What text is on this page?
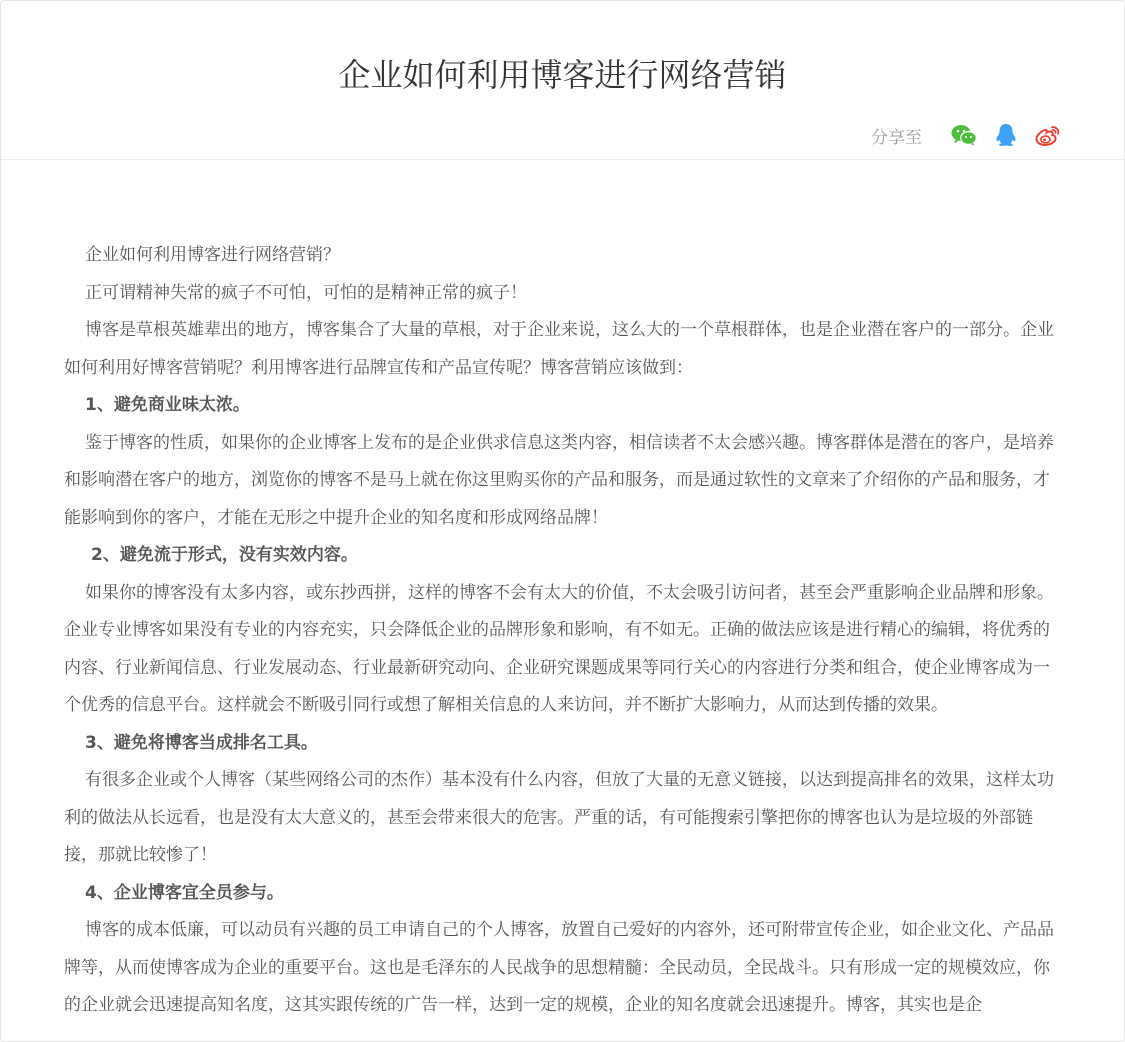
企业如何利用博客进行网络营销
分享至

企业如何利用博客进行网络营销？

正可谓精神失常的疯子不可怕，可怕的是精神正常的疯子！

博客是草根英雄辈出的地方，博客集合了大量的草根，对于企业来说，这么大的一个草根群体，也是企业潜在客户的一部分。企业如何利用好博客营销呢？利用博客进行品牌宣传和产品宣传呢？博客营销应该做到：

1、避免商业味太浓。

鉴于博客的性质，如果你的企业博客上发布的是企业供求信息这类内容，相信读者不太会感兴趣。博客群体是潜在的客户，是培养和影响潜在客户的地方，浏览你的博客不是马上就在你这里购买你的产品和服务，而是通过软性的文章来了介绍你的产品和服务，才能影响到你的客户，才能在无形之中提升企业的知名度和形成网络品牌！

2、避免流于形式，没有实效内容。

如果你的博客没有太多内容，或东抄西拼，这样的博客不会有太大的价值，不太会吸引访问者，甚至会严重影响企业品牌和形象。企业专业博客如果没有专业的内容充实，只会降低企业的品牌形象和影响，有不如无。正确的做法应该是进行精心的编辑，将优秀的内容、行业新闻信息、行业发展动态、行业最新研究动向、企业研究课题成果等同行关心的内容进行分类和组合，使企业博客成为一个优秀的信息平台。这样就会不断吸引同行或想了解相关信息的人来访问，并不断扩大影响力，从而达到传播的效果。

3、避免将博客当成排名工具。

有很多企业或个人博客（某些网络公司的杰作）基本没有什么内容，但放了大量的无意义链接，以达到提高排名的效果，这样太功利的做法从长远看，也是没有太大意义的，甚至会带来很大的危害。严重的话，有可能搜索引擎把你的博客也认为是垃圾的外部链接，那就比较惨了！

4、企业博客宜全员参与。

博客的成本低廉，可以动员有兴趣的员工申请自己的个人博客，放置自己爱好的内容外，还可附带宣传企业，如企业文化、产品品牌等，从而使博客成为企业的重要平台。这也是毛泽东的人民战争的思想精髓：全民动员，全民战斗。只有形成一定的规模效应，你的企业就会迅速提高知名度，这其实跟传统的广告一样，达到一定的规模，企业的知名度就会迅速提升。博客，其实也是企
